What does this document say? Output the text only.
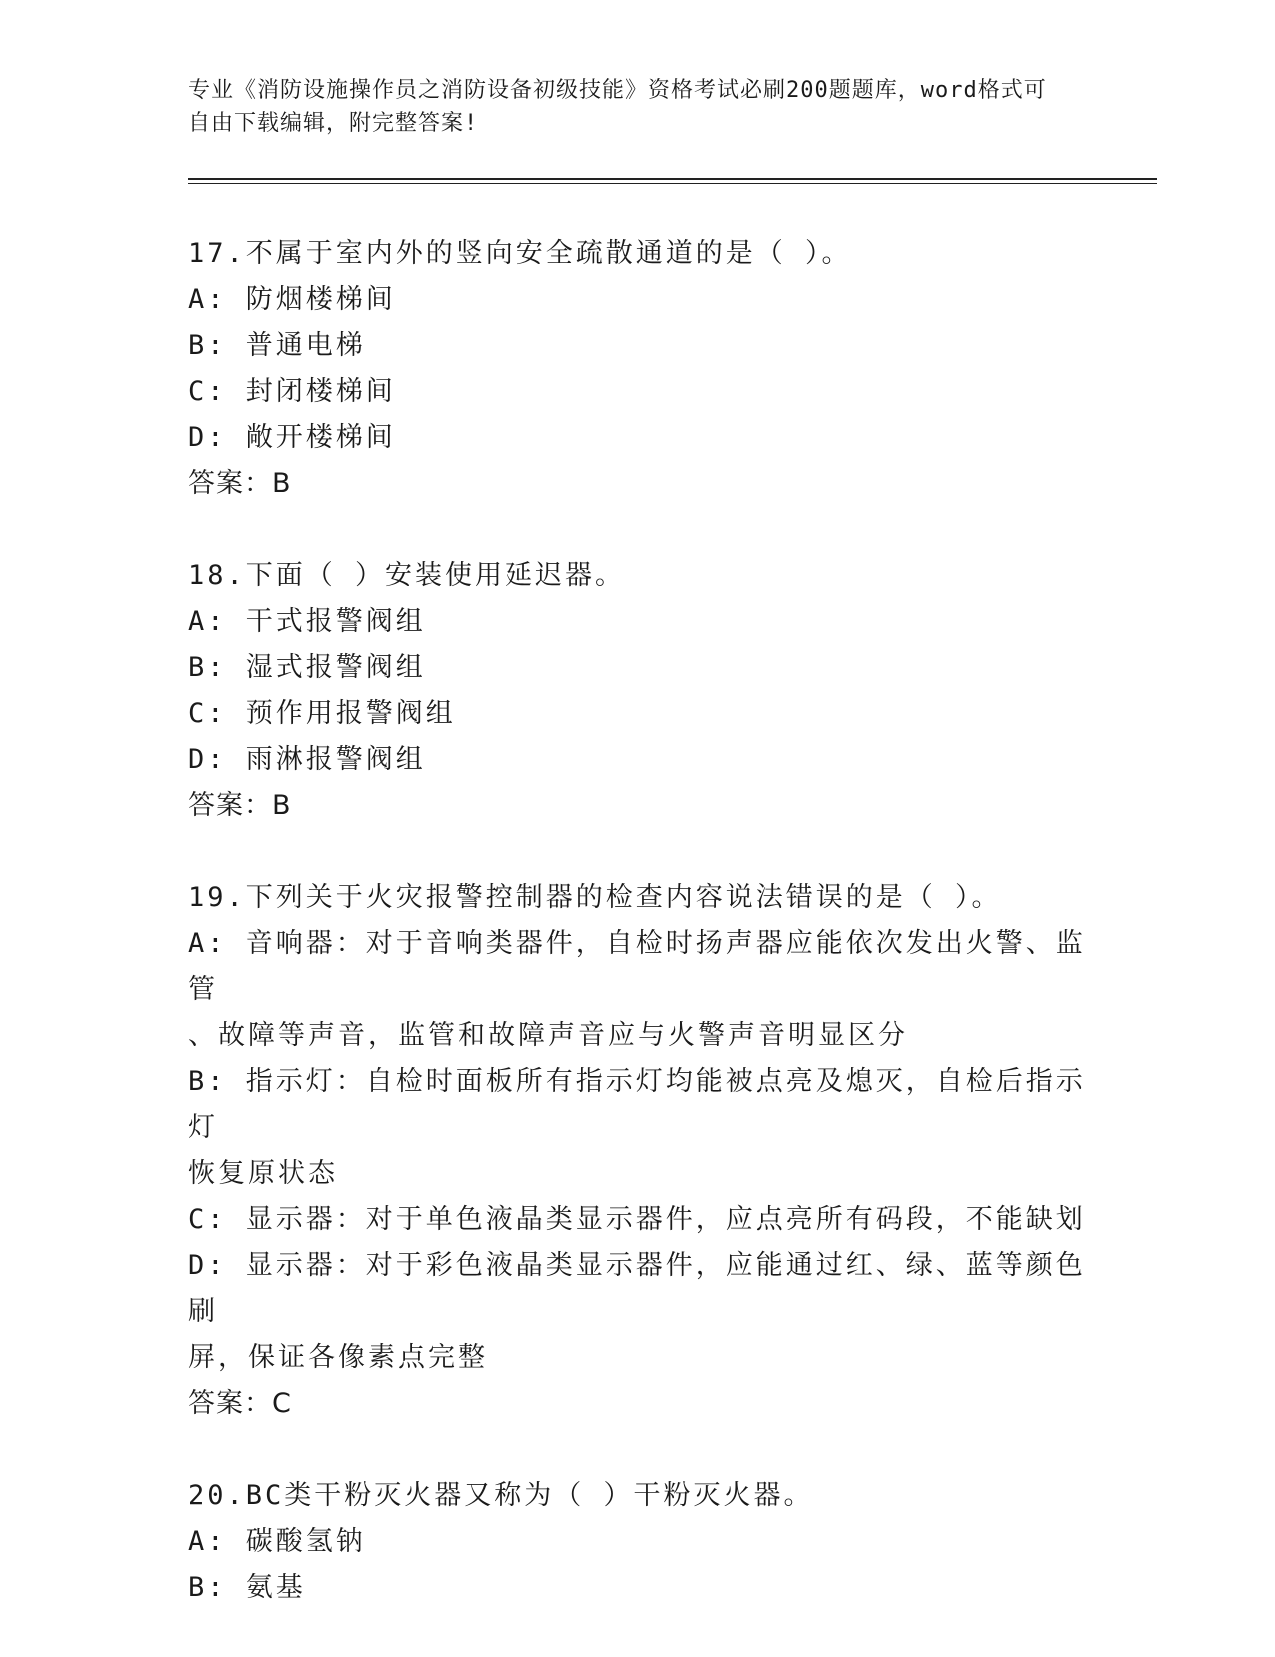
专业《消防设施操作员之消防设备初级技能》资格考试必刷200题题库，word格式可自由下载编辑，附完整答案!
17.不属于室内外的竖向安全疏散通道的是（ ）。
A: 防烟楼梯间
B: 普通电梯
C: 封闭楼梯间
D: 敞开楼梯间
答案：B
18.下面（ ）安装使用延迟器。
A: 干式报警阀组
B: 湿式报警阀组
C: 预作用报警阀组
D: 雨淋报警阀组
答案：B
19.下列关于火灾报警控制器的检查内容说法错误的是（ ）。
A: 音响器：对于音响类器件，自检时扬声器应能依次发出火警、监管
、故障等声音，监管和故障声音应与火警声音明显区分
B: 指示灯：自检时面板所有指示灯均能被点亮及熄灭，自检后指示灯
恢复原状态
C: 显示器：对于单色液晶类显示器件，应点亮所有码段，不能缺划
D: 显示器：对于彩色液晶类显示器件，应能通过红、绿、蓝等颜色刷
屏，保证各像素点完整
答案：C
20.BC类干粉灭火器又称为（ ）干粉灭火器。
A: 碳酸氢钠
B: 氨基
